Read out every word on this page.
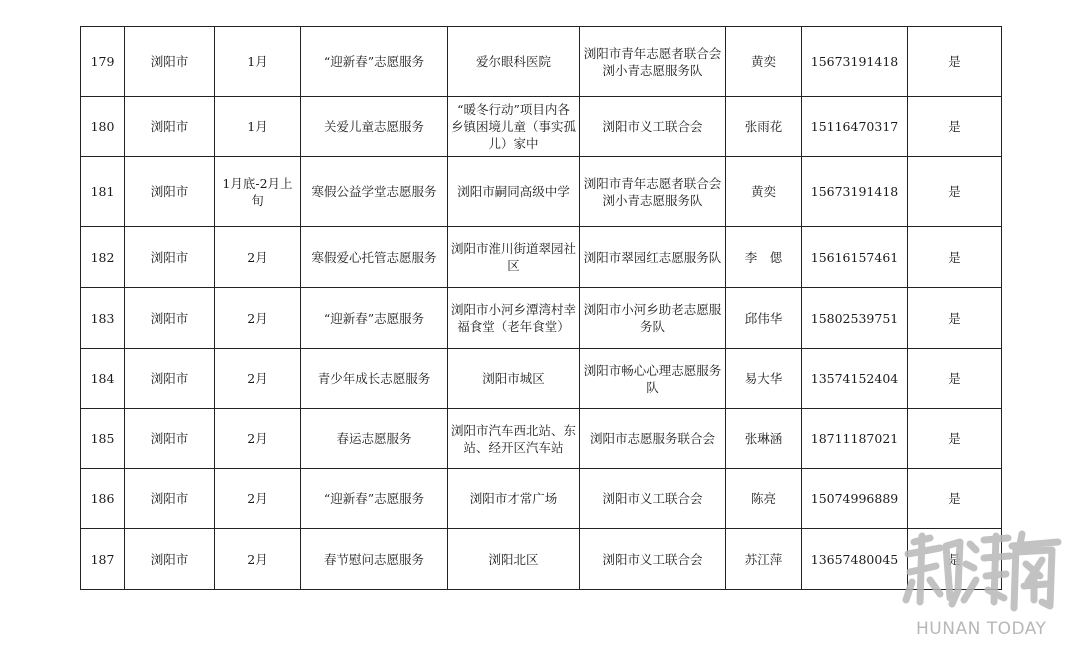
179	浏阳市	1月	“迎新春”志愿服务	爱尔眼科医院	浏阳市青年志愿者联合会浏小青志愿服务队	黄奕	15673191418	是
180	浏阳市	1月	关爱儿童志愿服务	“暖冬行动”项目内各乡镇困境儿童（事实孤儿）家中	浏阳市义工联合会	张雨花	15116470317	是
181	浏阳市	1月底-2月上旬	寒假公益学堂志愿服务	浏阳市嗣同高级中学	浏阳市青年志愿者联合会浏小青志愿服务队	黄奕	15673191418	是
182	浏阳市	2月	寒假爱心托管志愿服务	浏阳市淮川街道翠园社区	浏阳市翠园红志愿服务队	李　偲	15616157461	是
183	浏阳市	2月	“迎新春”志愿服务	浏阳市小河乡潭湾村幸福食堂（老年食堂）	浏阳市小河乡助老志愿服务队	邱伟华	15802539751	是
184	浏阳市	2月	青少年成长志愿服务	浏阳市城区	浏阳市畅心心理志愿服务队	易大华	13574152404	是
185	浏阳市	2月	春运志愿服务	浏阳市汽车西北站、东站、经开区汽车站	浏阳市志愿服务联合会	张琳涵	18711187021	是
186	浏阳市	2月	“迎新春”志愿服务	浏阳市才常广场	浏阳市义工联合会	陈亮	15074996889	是
187	浏阳市	2月	春节慰问志愿服务	浏阳北区	浏阳市义工联合会	苏江萍	13657480045	是
HUNAN TODAY
